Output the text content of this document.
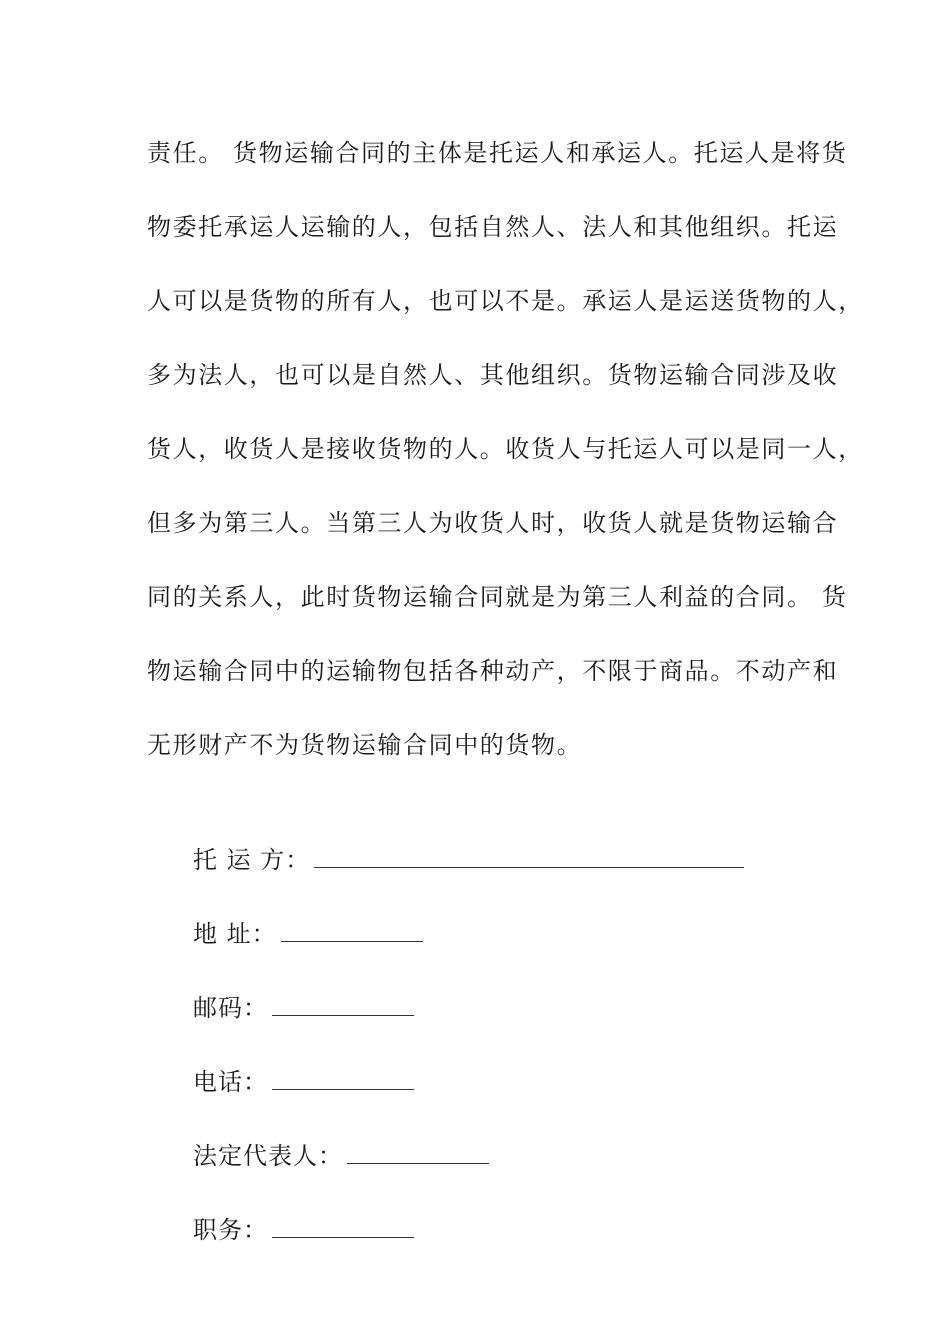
责任。 货物运输合同的主体是托运人和承运人。托运人是将货
物委托承运人运输的人，包括自然人、法人和其他组织。托运
人可以是货物的所有人，也可以不是。承运人是运送货物的人，
多为法人，也可以是自然人、其他组织。货物运输合同涉及收
货人，收货人是接收货物的人。收货人与托运人可以是同一人，
但多为第三人。当第三人为收货人时，收货人就是货物运输合
同的关系人，此时货物运输合同就是为第三人利益的合同。 货
物运输合同中的运输物包括各种动产，不限于商品。不动产和
无形财产不为货物运输合同中的货物。
托 运 方：
地 址：
邮码：
电话：
法定代表人：
职务：
